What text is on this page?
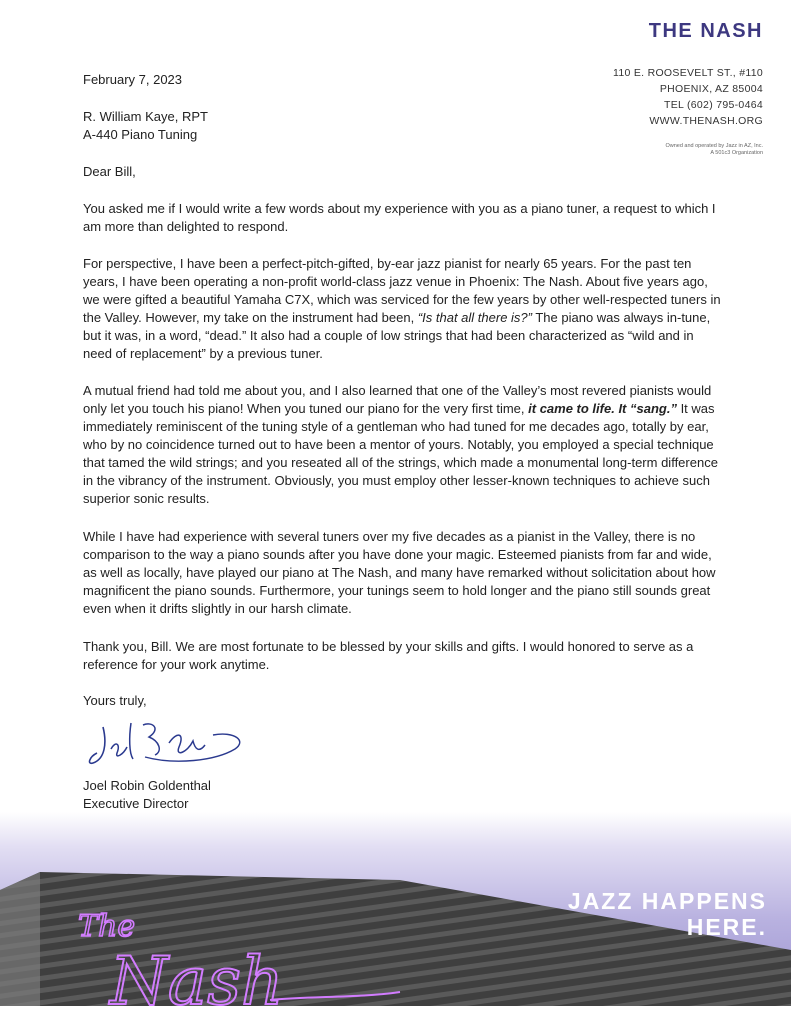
THE NASH
110 E. ROOSEVELT ST., #110
PHOENIX, AZ 85004
TEL (602) 795-0464
WWW.THENASH.ORG
Owned and operated by Jazz in AZ, Inc.
A 501c3 Organization
February 7, 2023
R. William Kaye, RPT
A-440 Piano Tuning
Dear Bill,

You asked me if I would write a few words about my experience with you as a piano tuner, a request to which I am more than delighted to respond.

For perspective, I have been a perfect-pitch-gifted, by-ear jazz pianist for nearly 65 years. For the past ten years, I have been operating a non-profit world-class jazz venue in Phoenix: The Nash. About five years ago, we were gifted a beautiful Yamaha C7X, which was serviced for the few years by other well-respected tuners in the Valley. However, my take on the instrument had been, “Is that all there is?” The piano was always in-tune, but it was, in a word, “dead.” It also had a couple of low strings that had been characterized as “wild and in need of replacement” by a previous tuner.

A mutual friend had told me about you, and I also learned that one of the Valley’s most revered pianists would only let you touch his piano! When you tuned our piano for the very first time, it came to life. It “sang.” It was immediately reminiscent of the tuning style of a gentleman who had tuned for me decades ago, totally by ear, who by no coincidence turned out to have been a mentor of yours. Notably, you employed a special technique that tamed the wild strings; and you reseated all of the strings, which made a monumental long-term difference in the vibrancy of the instrument. Obviously, you must employ other lesser-known techniques to achieve such superior sonic results.

While I have had experience with several tuners over my five decades as a pianist in the Valley, there is no comparison to the way a piano sounds after you have done your magic. Esteemed pianists from far and wide, as well as locally, have played our piano at The Nash, and many have remarked without solicitation about how magnificent the piano sounds. Furthermore, your tunings seem to hold longer and the piano still sounds great even when it drifts slightly in our harsh climate.

Thank you, Bill. We are most fortunate to be blessed by your skills and gifts. I would honored to serve as a reference for your work anytime.

Yours truly,
Joel Robin Goldenthal
Executive Director
JAZZ HAPPENS
HERE.
The
Nash
